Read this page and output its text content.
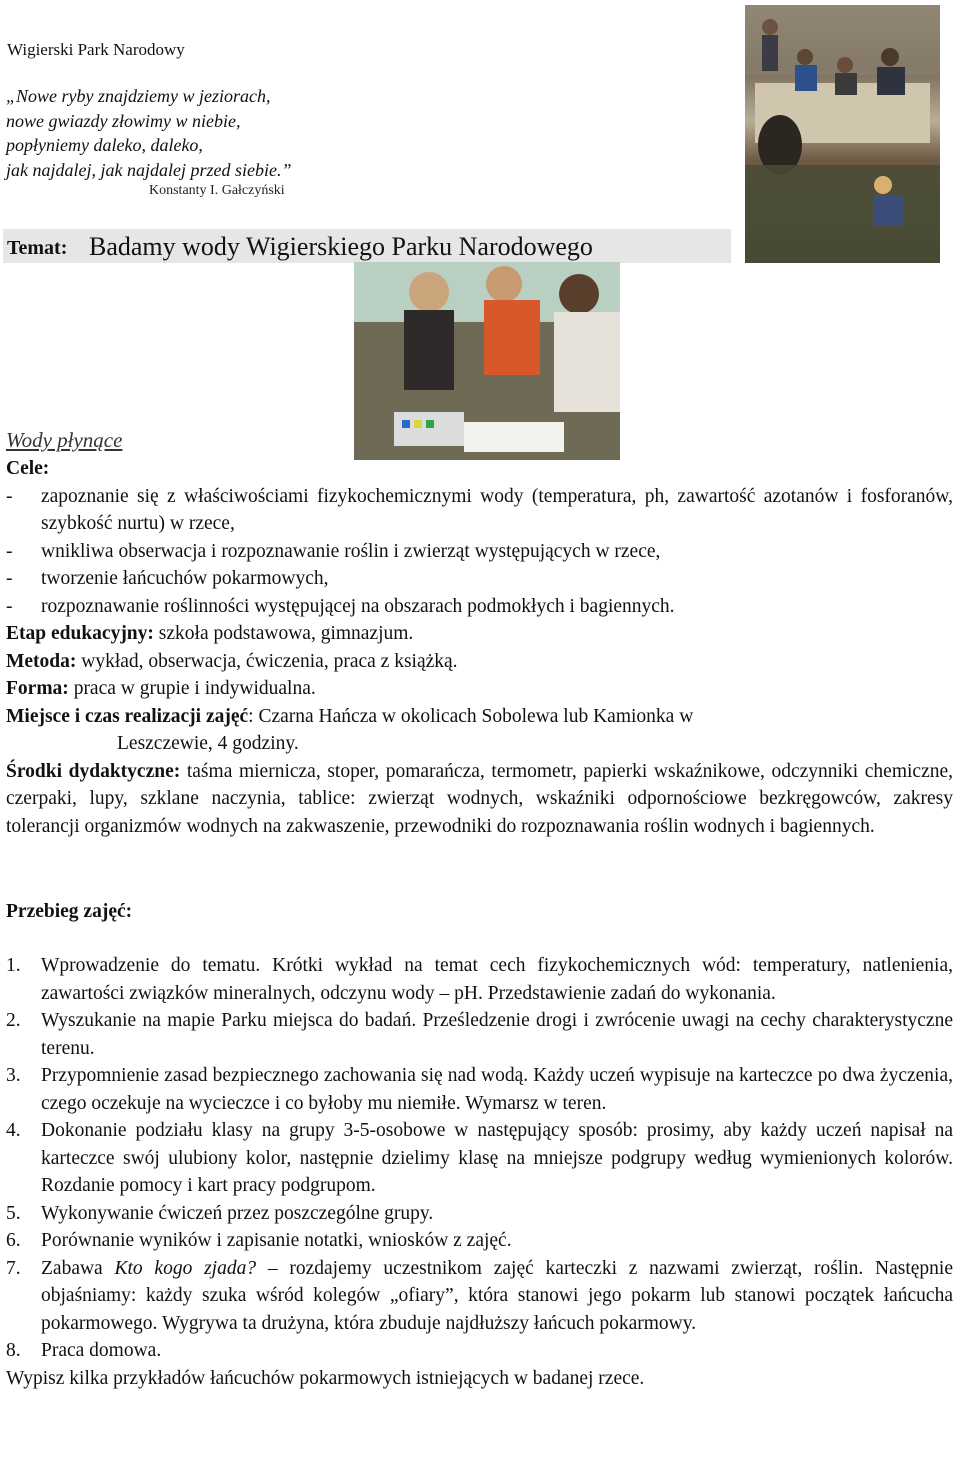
Wigierski Park Narodowy
„Nowe ryby znajdziemy w jeziorach,
nowe gwiazdy złowimy w niebie,
popłyniemy daleko, daleko,
jak najdalej, jak najdalej przed siebie.”
Konstanty I. Gałczyński
Temat: Badamy wody Wigierskiego Parku Narodowego
Wody płynące
Cele:
- zapoznanie się z właściwościami fizykochemicznymi wody (temperatura, ph, zawartość azotanów i fosforanów, szybkość nurtu) w rzece,
- wnikliwa obserwacja i rozpoznawanie roślin i zwierząt występujących w rzece,
- tworzenie łańcuchów pokarmowych,
- rozpoznawanie roślinności występującej na obszarach podmokłych i bagiennych.
Etap edukacyjny: szkoła podstawowa, gimnazjum.
Metoda: wykład, obserwacja, ćwiczenia, praca z książką.
Forma: praca w grupie i indywidualna.
Miejsce i czas realizacji zajęć: Czarna Hańcza w okolicach Sobolewa lub Kamionka w
Leszczewie, 4 godziny.
Środki dydaktyczne: taśma miernicza, stoper, pomarańcza, termometr, papierki wskaźnikowe, odczynniki chemiczne, czerpaki, lupy, szklane naczynia, tablice: zwierząt wodnych, wskaźniki odpornościowe bezkręgowców, zakresy tolerancji organizmów wodnych na zakwaszenie, przewodniki do rozpoznawania roślin wodnych i bagiennych.
Przebieg zajęć:
1. Wprowadzenie do tematu. Krótki wykład na temat cech fizykochemicznych wód: temperatury, natlenienia, zawartości związków mineralnych, odczynu wody – pH. Przedstawienie zadań do wykonania.
2. Wyszukanie na mapie Parku miejsca do badań. Prześledzenie drogi i zwrócenie uwagi na cechy charakterystyczne terenu.
3. Przypomnienie zasad bezpiecznego zachowania się nad wodą. Każdy uczeń wypisuje na karteczce po dwa życzenia, czego oczekuje na wycieczce i co byłoby mu niemiłe. Wymarsz w teren.
4. Dokonanie podziału klasy na grupy 3-5-osobowe w następujący sposób: prosimy, aby każdy uczeń napisał na karteczce swój ulubiony kolor, następnie dzielimy klasę na mniejsze podgrupy według wymienionych kolorów. Rozdanie pomocy i kart pracy podgrupom.
5. Wykonywanie ćwiczeń przez poszczególne grupy.
6. Porównanie wyników i zapisanie notatki, wniosków z zajęć.
7. Zabawa Kto kogo zjada? – rozdajemy uczestnikom zajęć karteczki z nazwami zwierząt, roślin. Następnie objaśniamy: każdy szuka wśród kolegów „ofiary”, która stanowi jego pokarm lub stanowi początek łańcucha pokarmowego. Wygrywa ta drużyna, która zbuduje najdłuższy łańcuch pokarmowy.
8. Praca domowa.
Wypisz kilka przykładów łańcuchów pokarmowych istniejących w badanej rzece.
